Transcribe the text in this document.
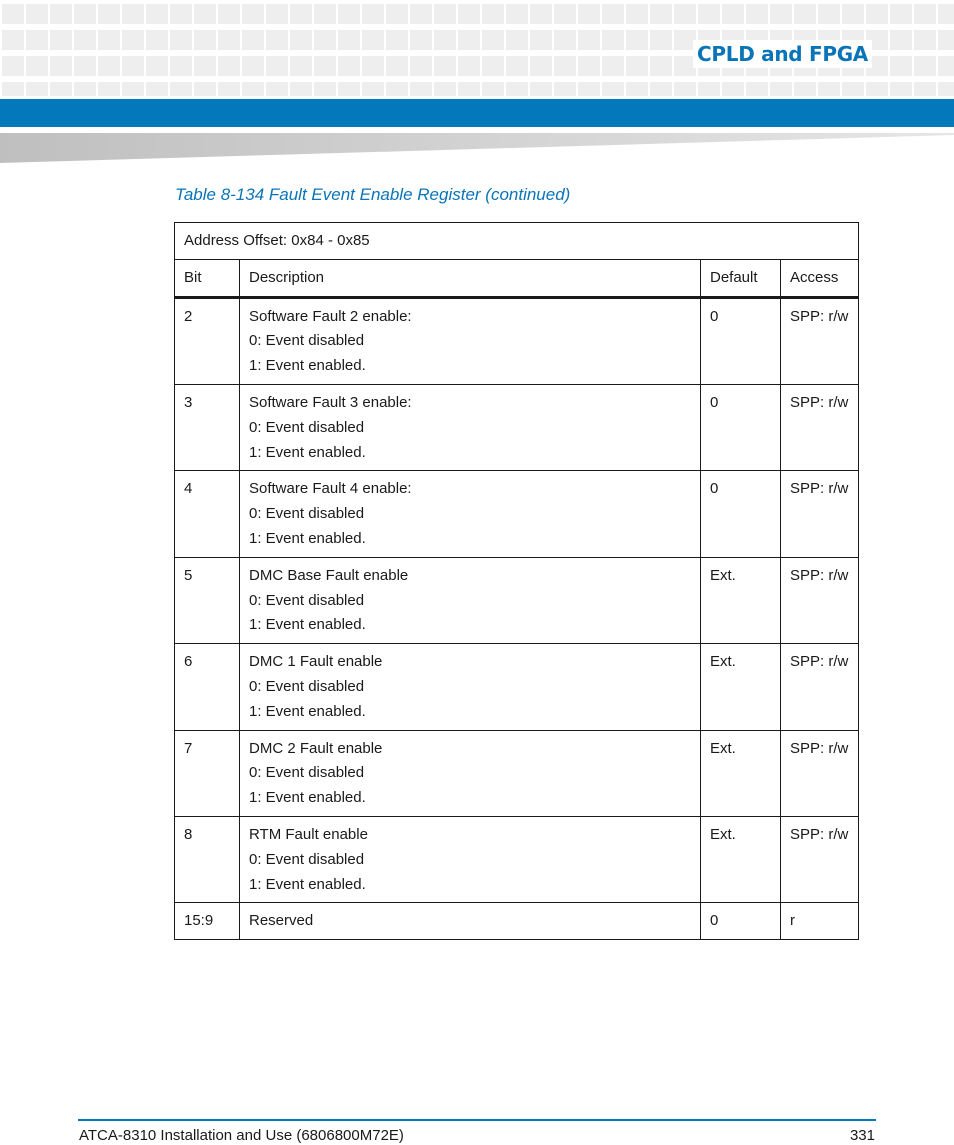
CPLD and FPGA
Table 8-134 Fault Event Enable Register (continued)
Address Offset: 0x84 - 0x85			
Bit	Description	Default	Access
2	Software Fault 2 enable:
0: Event disabled
1: Event enabled.	0	SPP: r/w
3	Software Fault 3 enable:
0: Event disabled
1: Event enabled.	0	SPP: r/w
4	Software Fault 4 enable:
0: Event disabled
1: Event enabled.	0	SPP: r/w
5	DMC Base Fault enable
0: Event disabled
1: Event enabled.	Ext.	SPP: r/w
6	DMC 1 Fault enable
0: Event disabled
1: Event enabled.	Ext.	SPP: r/w
7	DMC 2 Fault enable
0: Event disabled
1: Event enabled.	Ext.	SPP: r/w
8	RTM Fault enable
0: Event disabled
1: Event enabled.	Ext.	SPP: r/w
15:9	Reserved	0	r
ATCA-8310 Installation and Use (6806800M72E)	331
